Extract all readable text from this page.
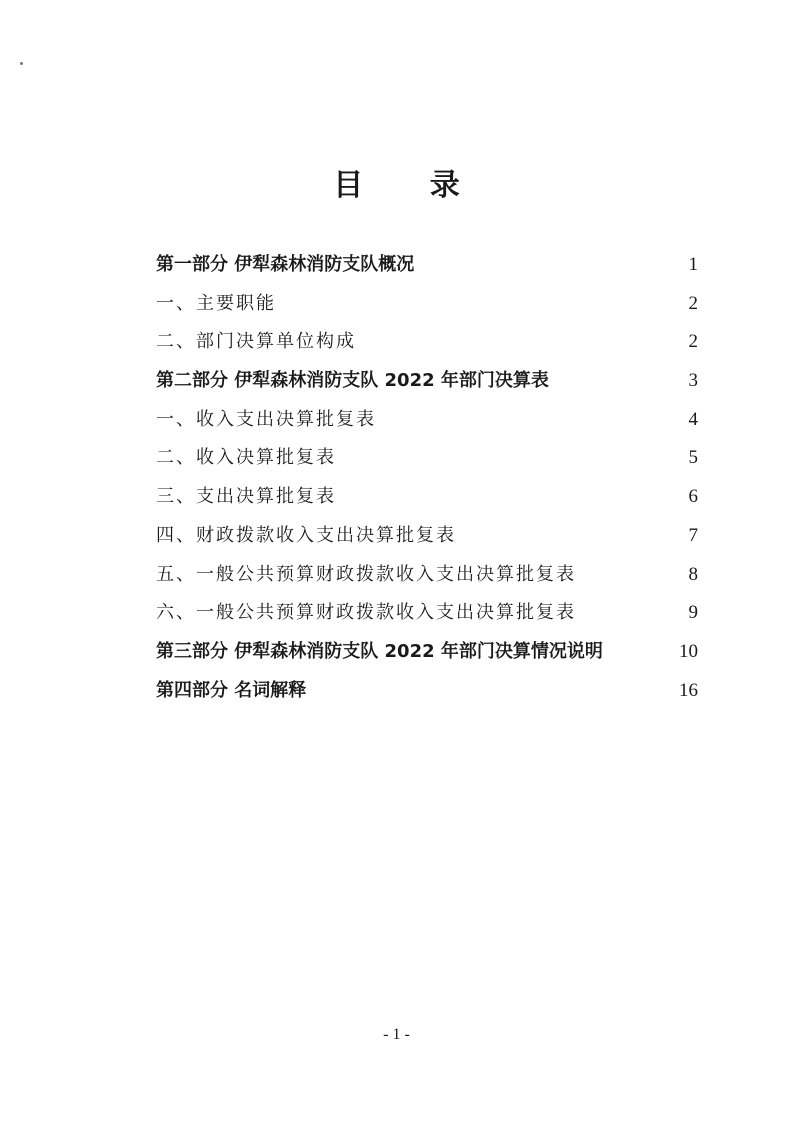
目 录
第一部分 伊犁森林消防支队概况	1
一、主要职能	2
二、部门决算单位构成	2
第二部分 伊犁森林消防支队 2022 年部门决算表	3
一、收入支出决算批复表	4
二、收入决算批复表	5
三、支出决算批复表	6
四、财政拨款收入支出决算批复表	7
五、一般公共预算财政拨款收入支出决算批复表	8
六、一般公共预算财政拨款收入支出决算批复表	9
第三部分 伊犁森林消防支队 2022 年部门决算情况说明	10
第四部分 名词解释	16
- 1 -
